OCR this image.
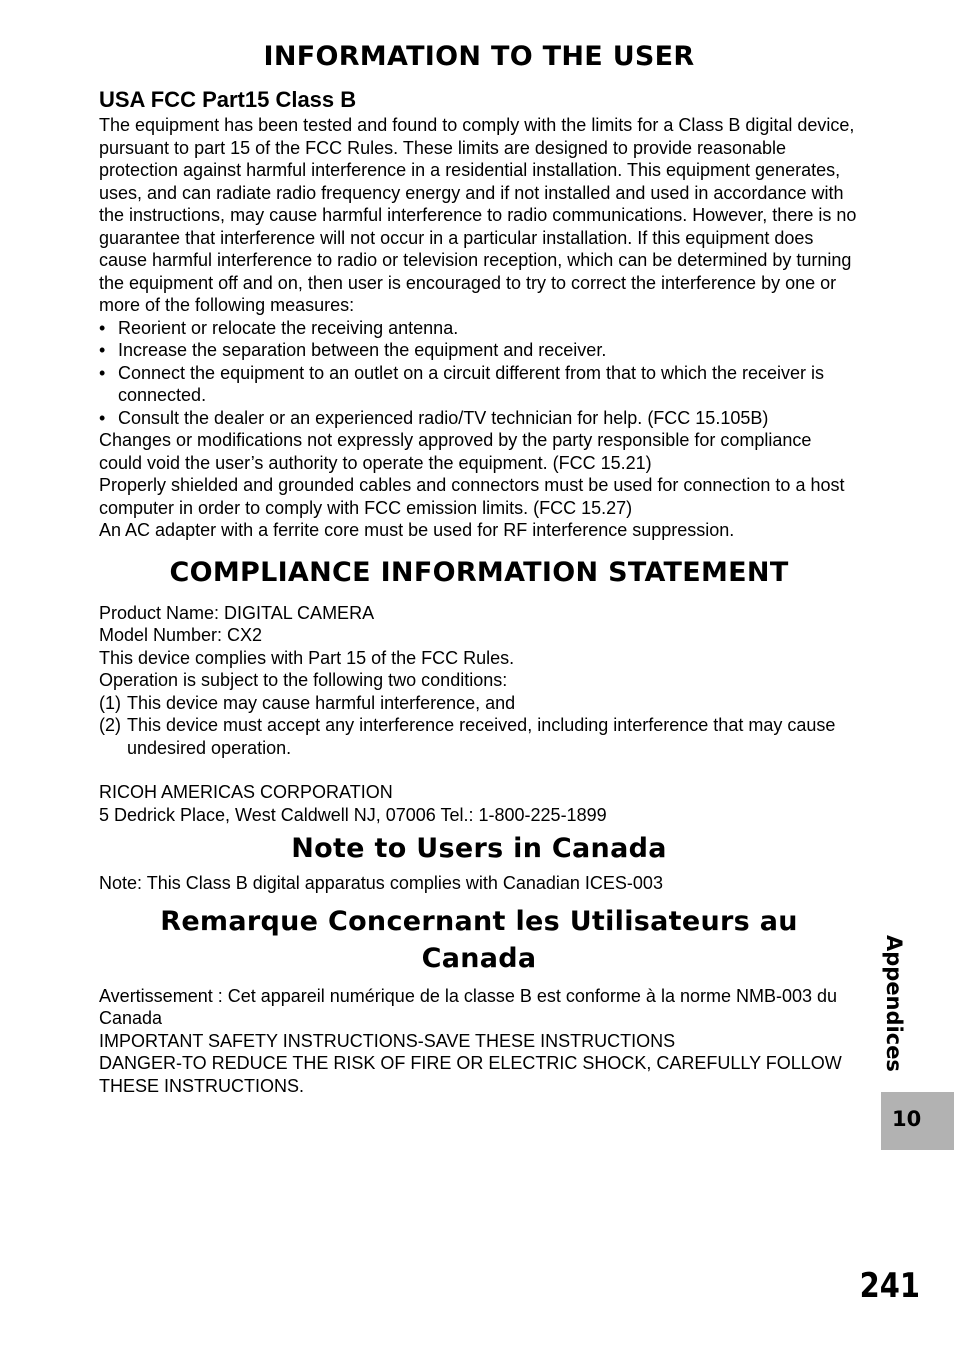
INFORMATION TO THE USER
USA FCC Part15 Class B

The equipment has been tested and found to comply with the limits for a Class B digital device, pursuant to part 15 of the FCC Rules. These limits are designed to provide reasonable protection against harmful interference in a residential installation. This equipment generates, uses, and can radiate radio frequency energy and if not installed and used in accordance with the instructions, may cause harmful interference to radio communications. However, there is no guarantee that interference will not occur in a particular installation. If this equipment does cause harmful interference to radio or television reception, which can be determined by turning the equipment off and on, then user is encouraged to try to correct the interference by one or more of the following measures:

• Reorient or relocate the receiving antenna.
• Increase the separation between the equipment and receiver.
• Connect the equipment to an outlet on a circuit different from that to which the receiver is connected.
• Consult the dealer or an experienced radio/TV technician for help. (FCC 15.105B)

Changes or modifications not expressly approved by the party responsible for compliance could void the user’s authority to operate the equipment. (FCC 15.21)

Properly shielded and grounded cables and connectors must be used for connection to a host computer in order to comply with FCC emission limits. (FCC 15.27)

An AC adapter with a ferrite core must be used for RF interference suppression.

COMPLIANCE INFORMATION STATEMENT

Product Name: DIGITAL CAMERA

Model Number: CX2

This device complies with Part 15 of the FCC Rules.

Operation is subject to the following two conditions:

(1) This device may cause harmful interference, and
(2) This device must accept any interference received, including interference that may cause undesired operation.

RICOH AMERICAS CORPORATION

5 Dedrick Place, West Caldwell NJ, 07006 Tel.: 1-800-225-1899

Note to Users in Canada

Note: This Class B digital apparatus complies with Canadian ICES-003

Remarque Concernant les Utilisateurs au
Canada

Avertissement : Cet appareil numérique de la classe B est conforme à la norme NMB-003 du Canada

IMPORTANT SAFETY INSTRUCTIONS-SAVE THESE INSTRUCTIONS

DANGER-TO REDUCE THE RISK OF FIRE OR ELECTRIC SHOCK, CAREFULLY FOLLOW THESE INSTRUCTIONS.

Appendices
10
241
